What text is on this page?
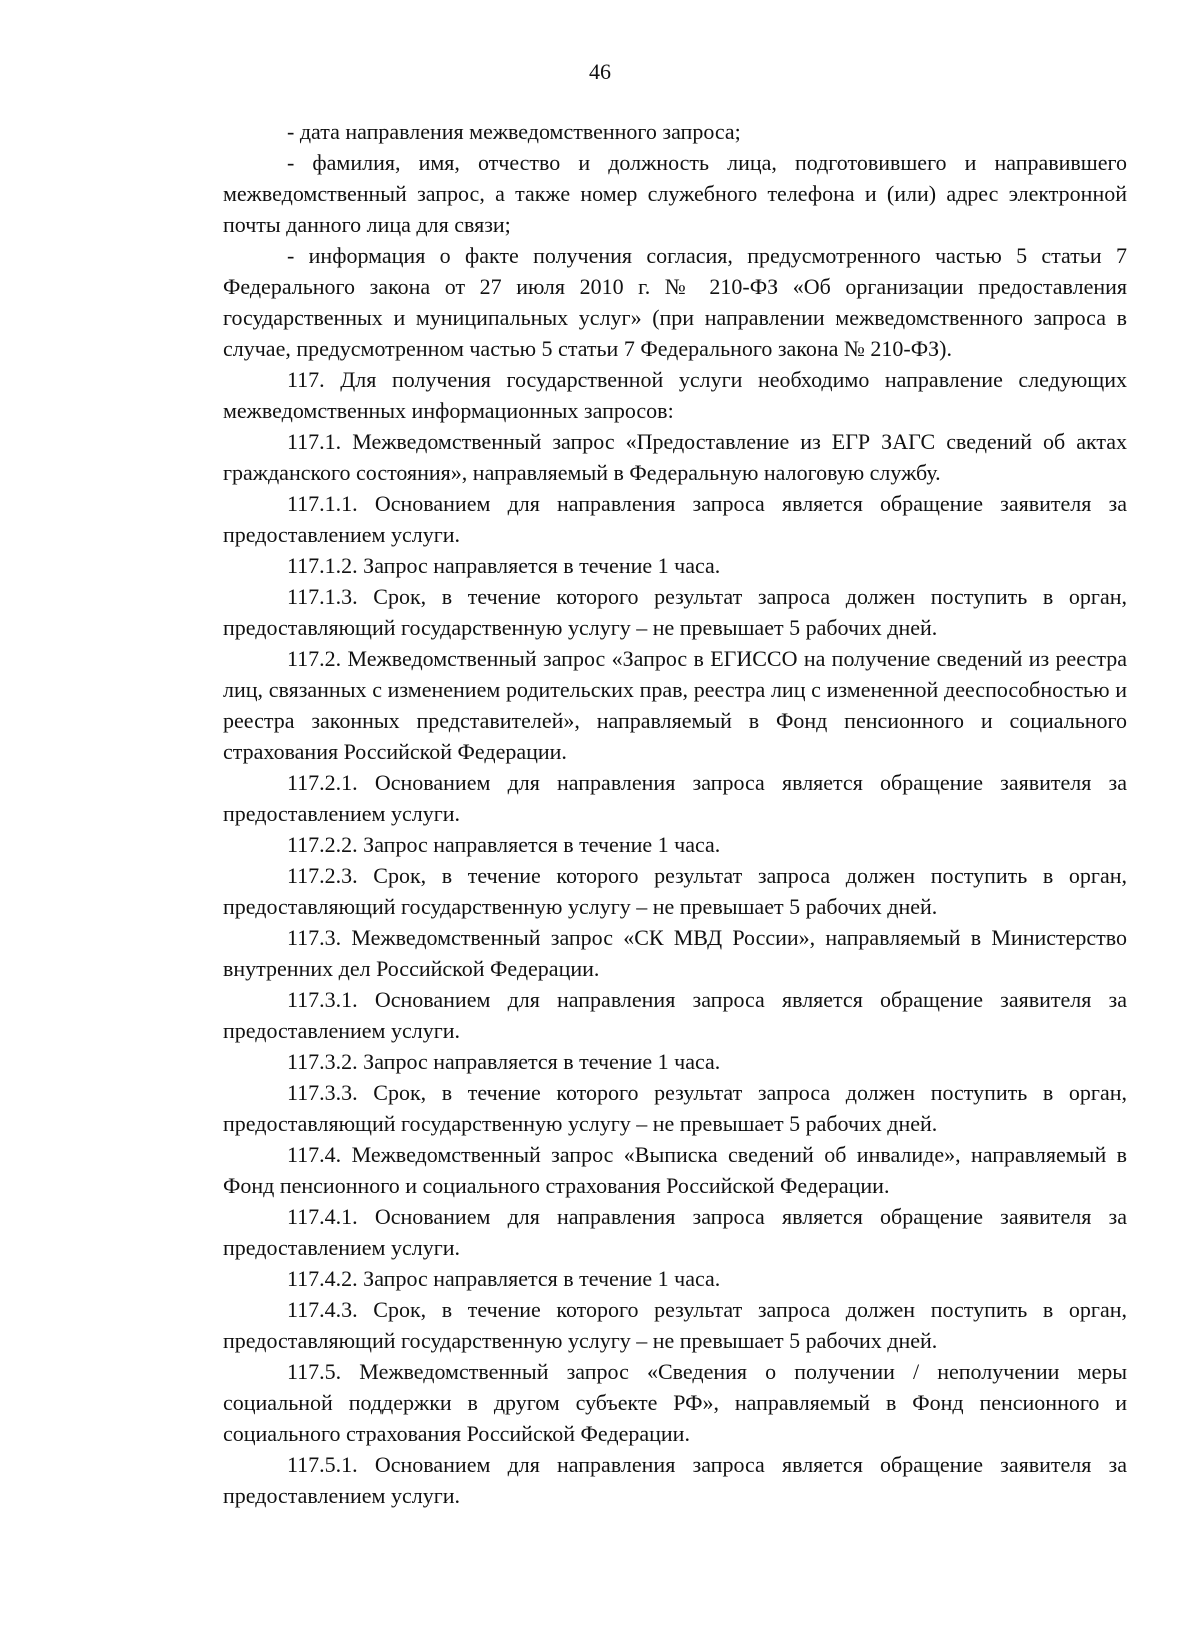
46

- дата направления межведомственного запроса;

- фамилия, имя, отчество и должность лица, подготовившего и направившего межведомственный запрос, а также номер служебного телефона и (или) адрес электронной почты данного лица для связи;

- информация о факте получения согласия, предусмотренного частью 5 статьи 7 Федерального закона от 27 июля 2010 г. № 210-ФЗ «Об организации предоставления государственных и муниципальных услуг» (при направлении межведомственного запроса в случае, предусмотренном частью 5 статьи 7 Федерального закона № 210-ФЗ).

117. Для получения государственной услуги необходимо направление следующих межведомственных информационных запросов:

117.1. Межведомственный запрос «Предоставление из ЕГР ЗАГС сведений об актах гражданского состояния», направляемый в Федеральную налоговую службу.

117.1.1. Основанием для направления запроса является обращение заявителя за предоставлением услуги.

117.1.2. Запрос направляется в течение 1 часа.

117.1.3. Срок, в течение которого результат запроса должен поступить в орган, предоставляющий государственную услугу – не превышает 5 рабочих дней.

117.2. Межведомственный запрос «Запрос в ЕГИССО на получение сведений из реестра лиц, связанных с изменением родительских прав, реестра лиц с измененной дееспособностью и реестра законных представителей», направляемый в Фонд пенсионного и социального страхования Российской Федерации.

117.2.1. Основанием для направления запроса является обращение заявителя за предоставлением услуги.

117.2.2. Запрос направляется в течение 1 часа.

117.2.3. Срок, в течение которого результат запроса должен поступить в орган, предоставляющий государственную услугу – не превышает 5 рабочих дней.

117.3. Межведомственный запрос «СК МВД России», направляемый в Министерство внутренних дел Российской Федерации.

117.3.1. Основанием для направления запроса является обращение заявителя за предоставлением услуги.

117.3.2. Запрос направляется в течение 1 часа.

117.3.3. Срок, в течение которого результат запроса должен поступить в орган, предоставляющий государственную услугу – не превышает 5 рабочих дней.

117.4. Межведомственный запрос «Выписка сведений об инвалиде», направляемый в Фонд пенсионного и социального страхования Российской Федерации.

117.4.1. Основанием для направления запроса является обращение заявителя за предоставлением услуги.

117.4.2. Запрос направляется в течение 1 часа.

117.4.3. Срок, в течение которого результат запроса должен поступить в орган, предоставляющий государственную услугу – не превышает 5 рабочих дней.

117.5. Межведомственный запрос «Сведения о получении / неполучении меры социальной поддержки в другом субъекте РФ», направляемый в Фонд пенсионного и социального страхования Российской Федерации.

117.5.1. Основанием для направления запроса является обращение заявителя за предоставлением услуги.
